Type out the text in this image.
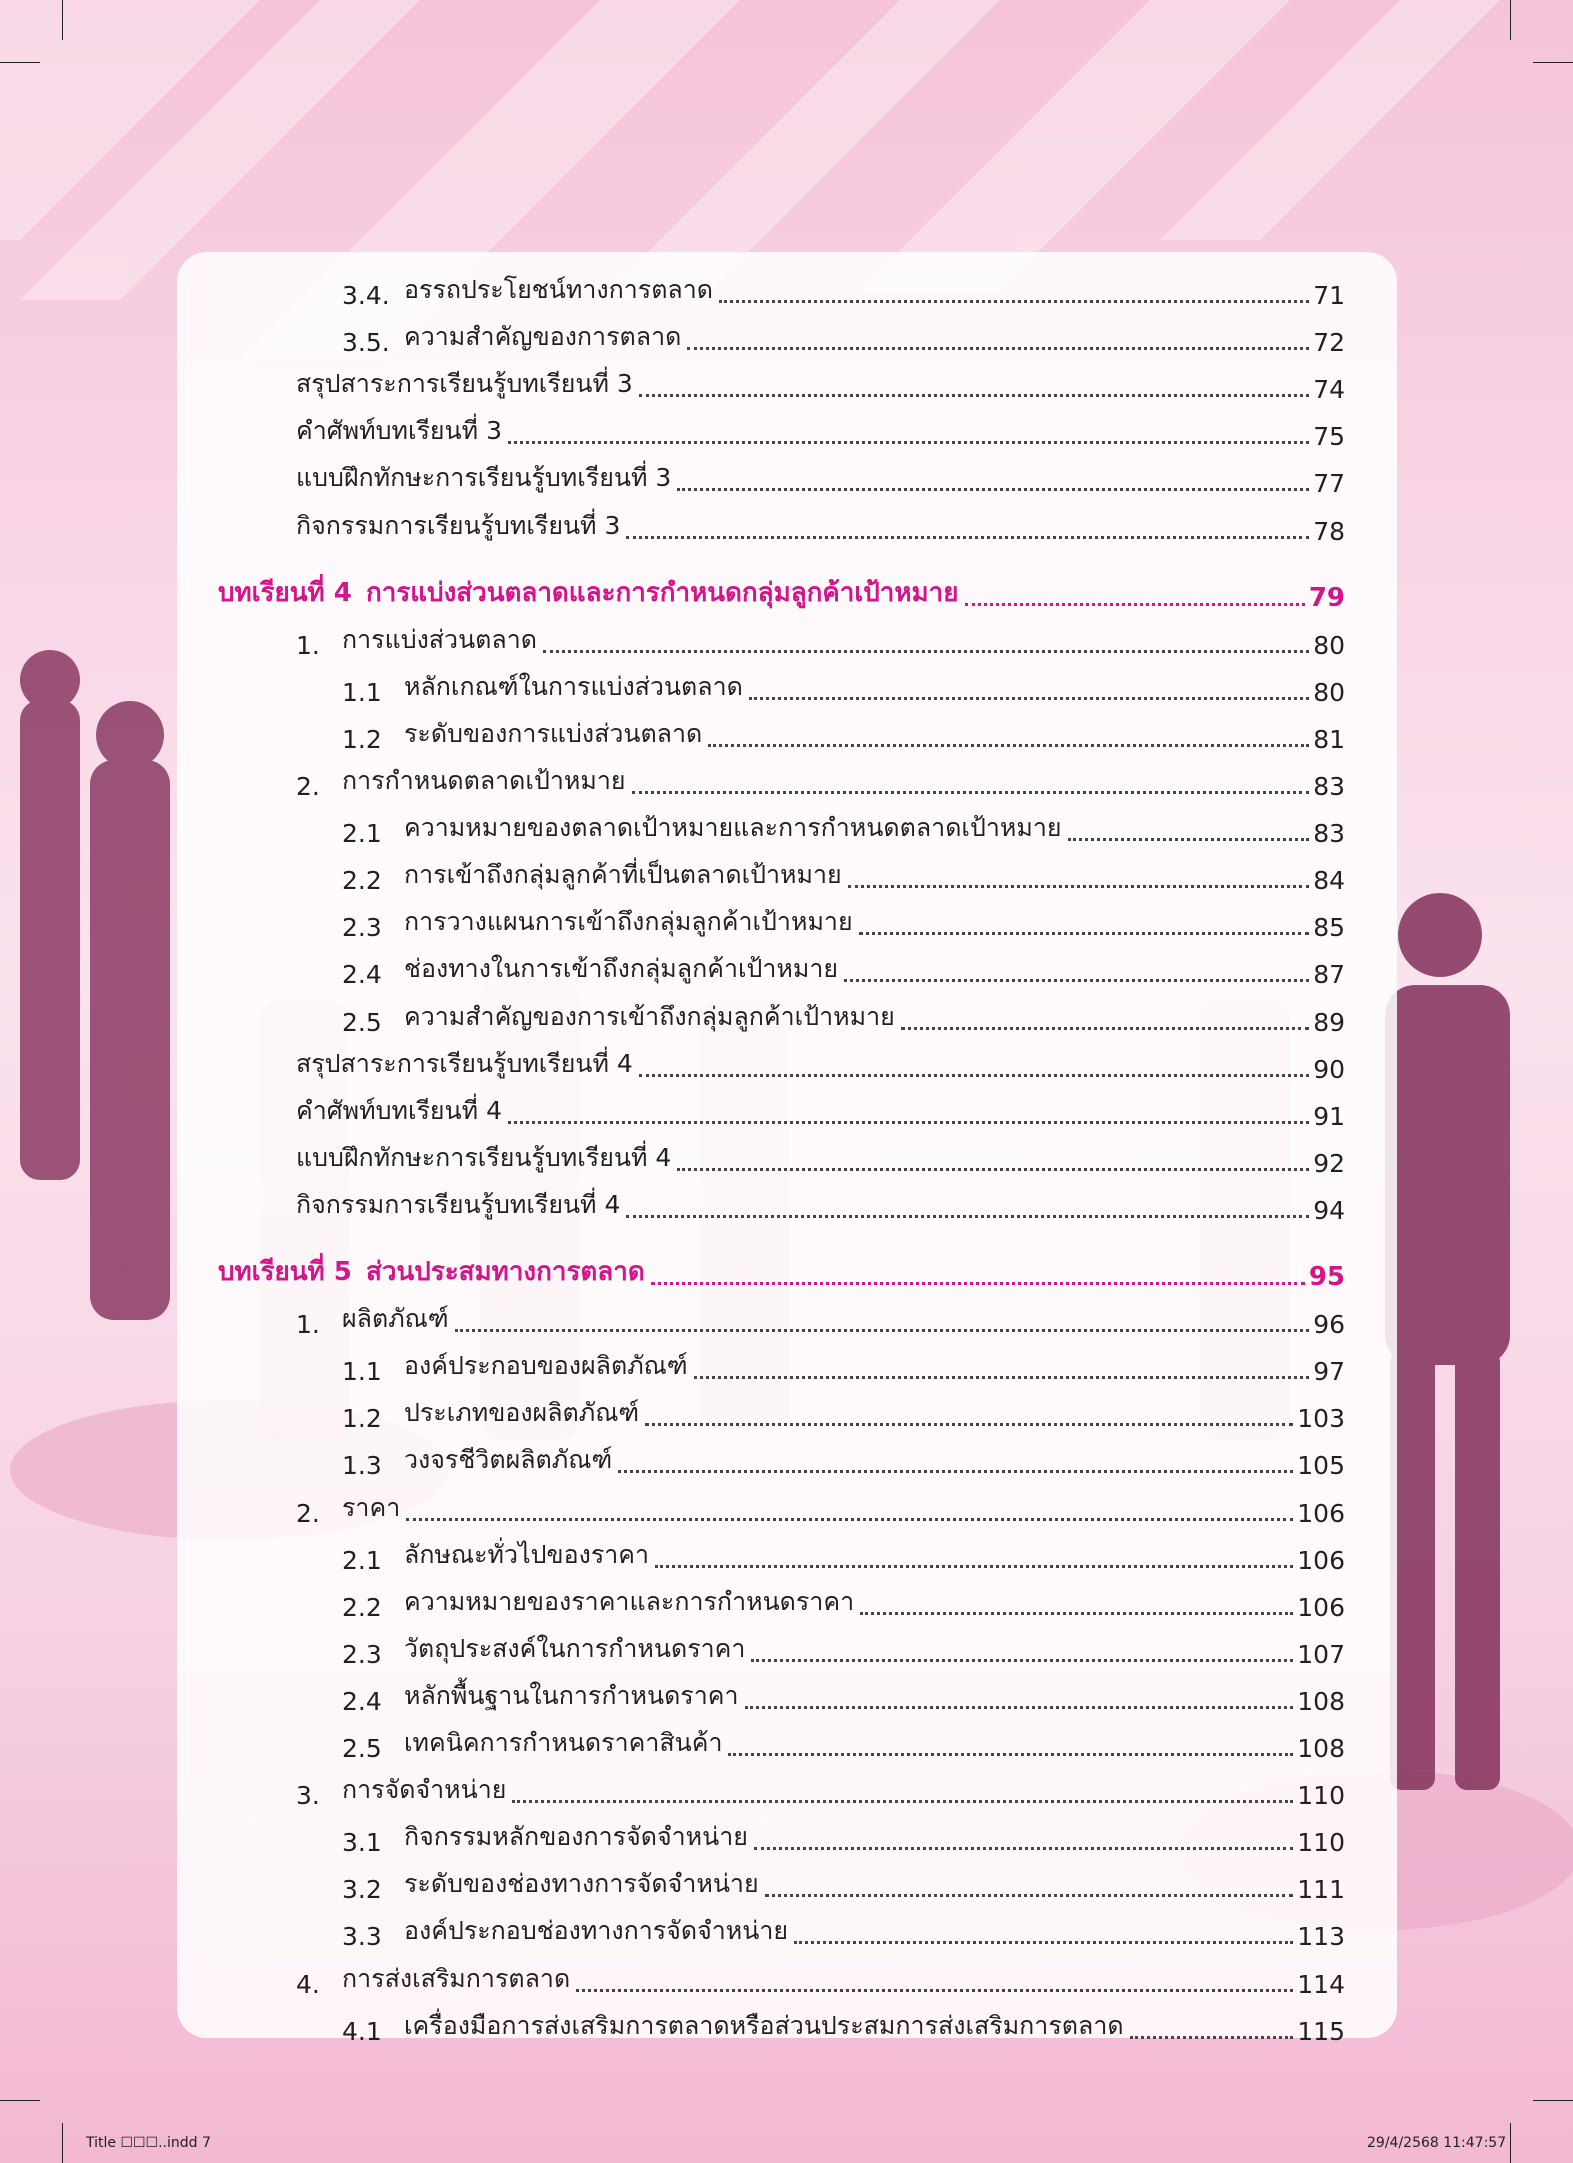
3.4. อรรถประโยชน์ทางการตลาด	71
3.5. ความสำคัญของการตลาด	72
สรุปสาระการเรียนรู้บทเรียนที่ 3	74
คำศัพท์บทเรียนที่ 3	75
แบบฝึกทักษะการเรียนรู้บทเรียนที่ 3	77
กิจกรรมการเรียนรู้บทเรียนที่ 3	78
บทเรียนที่ 4 การแบ่งส่วนตลาดและการกำหนดกลุ่มลูกค้าเป้าหมาย	79
1. การแบ่งส่วนตลาด	80
1.1 หลักเกณฑ์ในการแบ่งส่วนตลาด	80
1.2 ระดับของการแบ่งส่วนตลาด	81
2. การกำหนดตลาดเป้าหมาย	83
2.1 ความหมายของตลาดเป้าหมายและการกำหนดตลาดเป้าหมาย	83
2.2 การเข้าถึงกลุ่มลูกค้าที่เป็นตลาดเป้าหมาย	84
2.3 การวางแผนการเข้าถึงกลุ่มลูกค้าเป้าหมาย	85
2.4 ช่องทางในการเข้าถึงกลุ่มลูกค้าเป้าหมาย	87
2.5 ความสำคัญของการเข้าถึงกลุ่มลูกค้าเป้าหมาย	89
สรุปสาระการเรียนรู้บทเรียนที่ 4	90
คำศัพท์บทเรียนที่ 4	91
แบบฝึกทักษะการเรียนรู้บทเรียนที่ 4	92
กิจกรรมการเรียนรู้บทเรียนที่ 4	94
บทเรียนที่ 5 ส่วนประสมทางการตลาด	95
1. ผลิตภัณฑ์	96
1.1 องค์ประกอบของผลิตภัณฑ์	97
1.2 ประเภทของผลิตภัณฑ์	103
1.3 วงจรชีวิตผลิตภัณฑ์	105
2. ราคา	106
2.1 ลักษณะทั่วไปของราคา	106
2.2 ความหมายของราคาและการกำหนดราคา	106
2.3 วัตถุประสงค์ในการกำหนดราคา	107
2.4 หลักพื้นฐานในการกำหนดราคา	108
2.5 เทคนิคการกำหนดราคาสินค้า	108
3. การจัดจำหน่าย	110
3.1 กิจกรรมหลักของการจัดจำหน่าย	110
3.2 ระดับของช่องทางการจัดจำหน่าย	111
3.3 องค์ประกอบช่องทางการจัดจำหน่าย	113
4. การส่งเสริมการตลาด	114
4.1 เครื่องมือการส่งเสริมการตลาดหรือส่วนประสมการส่งเสริมการตลาด	115
Title ☐☐☐..indd 7	29/4/2568 11:47:57
